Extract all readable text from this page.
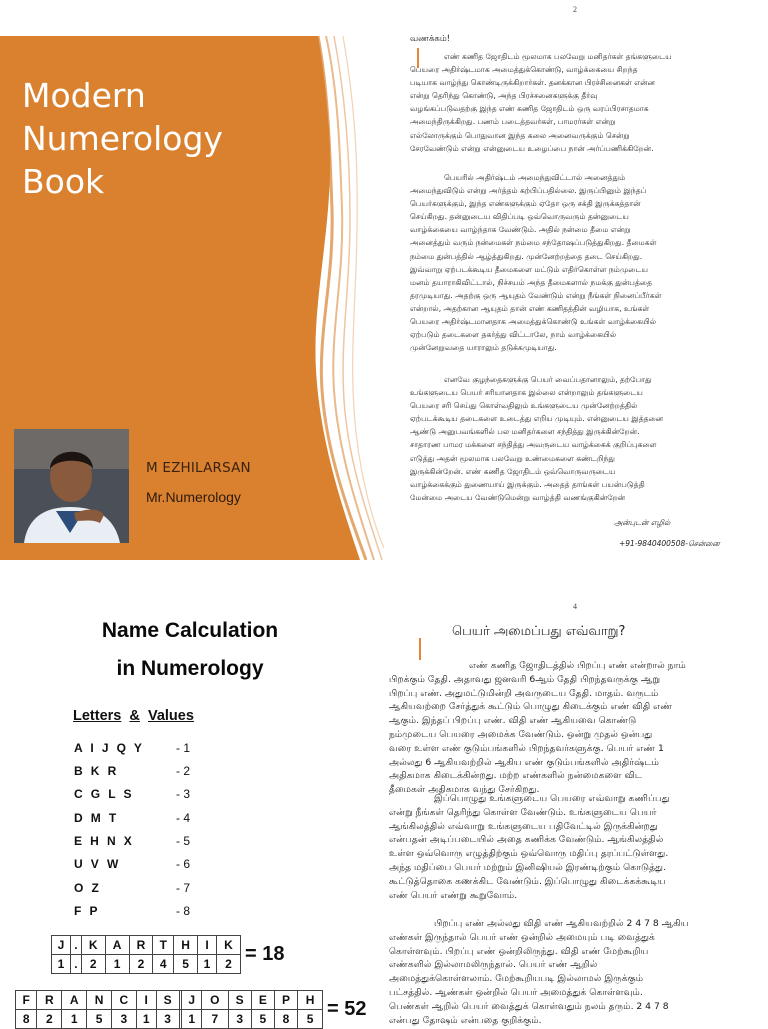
Modern
Numerology
Book
M EZHILARSAN
Mr.Numerology
2
வணக்கம்!
எண் கணித ஜோதிடம் மூலமாக பலவேறு மனிதர்கள் தங்களுடைய
பெயரை அதிர்ஷ்டமாக அமைத்துக்கொண்டு, வாழ்க்கையை சிறந்த
படியாக வாழ்ந்து கொண்டிருக்கிறார்கள். தனக்கான பிரச்சினைகள் என்ன
என்று தெரிந்து கொண்டு, அந்த பிரச்சனைகளுக்கு தீர்வு
வழங்கப்படுவதற்கு இந்த எண் கணித ஜோதிடம் ஒரு வரப்பிரசாதமாக
அமைந்திருக்கிறது. பணம் படைத்தவர்கள், பாமரர்கள் என்று
எல்லோருக்கும் பொதுவான இந்த கலை அனைவருக்கும் சென்று
சேரவேண்டும் என்று என்னுடைய உழைப்பை நான் அர்ப்பணிக்கிறேன்.
பெயரில் அதிர்ஷ்டம் அமைந்துவிட்டால் அனைத்தும்
அமைந்துவிடும் என்று அர்த்தம் கற்பிப்பதில்லை. இருப்பினும் இந்தப்
பெயர்களுக்கும், இந்த எண்களுக்கும் ஏதோ ஒரு சக்தி இருக்கத்தான்
செய்கிறது. தன்னுடைய விதிப்படி ஒவ்வொருவரும் தன்னுடைய
வாழ்க்கையை வாழ்ந்தாக வேண்டும். அதில் நன்மை தீமை என்று
அனைத்தும் வரும் நன்மைகள் நம்மை சந்தோஷப்படுத்துகிறது. தீமைகள்
நம்மை துன்பத்தில் ஆழ்த்துகிறது. முன்னேற்றத்தை தடை செய்கிறது.
இவ்வாறு ஏற்படக்கூடிய தீமைகளை மட்டும் எதிர்கொள்ள நம்முடைய
மனம் தயாராகிவிட்டால், நிச்சயம் அந்த தீமைகளால் நமக்கு துன்பத்தை
தரமுடியாது. அதற்கு ஒரு ஆயுதம் வேண்டும் என்று நீங்கள் நினைப்பீர்கள்
என்றால், அதற்கான ஆயுதம் தான் எண் கணிதத்தின் வழியாக, உங்கள்
பெயரை அதிர்ஷ்டமானதாக அமைத்துக்கொண்டு உங்கள் வாழ்க்கையில்
ஏற்படும் தடைகளை தகர்த்து விட்டாலே, நாம் வாழ்க்கையில்
முன்னேறுவதை யாராலும் தடுக்கமுடியாது.
எனவே குழந்தைகளுக்கு பெயர் வைப்பதானாலும், தற்போது
உங்களுடைய பெயர் சரியானதாக இல்லை என்றாலும் தங்களுடைய
பெயரை சரி செய்து கொள்வதிலும் உங்களுடைய முன்னேற்றத்தில்
ஏற்படக்கூடிய தடைகளை உடைத்து எறிய முடியும். என்னுடைய இத்தனை
ஆண்டு அனுபவங்களில் பல மனிதர்களை சந்தித்து இருக்கின்றேன்.
சாதாரண பாமர மக்களை சந்தித்து அவருடைய வாழ்க்கைக் குறிப்புகளை
எடுத்து அதன் மூலமாக பலவேறு உண்மைகளை கண்டறிந்து
இருக்கின்றேன். எண் கணித ஜோதிடம் ஒவ்வொருவருடைய
வாழ்க்கைக்கும் துணையாய் இருக்கும். அதைத் தாங்கள் பயன்படுத்தி
மேன்மை அடைய வேண்டுமென்று வாழ்த்தி வணங்குகின்றேன்
அன்புடன் எழில்
+91-9840400508-சென்னை
Name Calculation
in Numerology
Letters & Values
A I J Q Y	- 1
B K R	- 2
C G L S	- 3
D M T	- 4
E H N X	- 5
U V W	- 6
O Z	- 7
F P	- 8
J	.	K	A	R	T	H	I	K
1	.	2	1	2	4	5	1	2 = 18
F	R	A	N	C	I	S		J	O	S	E	P	H
8	2	1	5	3	1	3		1	7	3	5	8	5 = 52
4
பெயர் அமைப்பது எவ்வாறு?
எண் கணித ஜோதிடத்தில் பிறப்பு எண் என்றால் நாம்
பிறக்கும் தேதி. அதாவது ஜனவரி 6ஆம் தேதி பிறந்தவருக்கு ஆறு
பிறப்பு எண். அதுமட்டுமின்றி அவருடைய தேதி. மாதம். வருடம்
ஆகியவற்றை சேர்த்துக் கூட்டும் பொழுது கிடைக்கும் எண் விதி எண்
ஆகும். இந்தப் பிறப்பு எண். விதி எண் ஆகியவை கொண்டு
நம்முடைய பெயரை அமைக்க வேண்டும். ஒன்று முதல் ஒன்பது
வரை உள்ள எண் குடும்பங்களில் பிறந்தவர்களுக்கு. பெயர் எண் 1
அல்லது 6 ஆகியவற்றில் ஆகிய எண் குடும்பங்களில் அதிர்ஷ்டம்
அதிகமாக கிடைக்கின்றது. மற்ற எண்களில் நன்மைகளை விட
தீமைகள் அதிகமாக வந்து சேர்கிறது.
இப்பொழுது உங்களுடைய பெயரை எவ்வாறு கணிப்பது
என்று நீங்கள் தெரிந்து கொள்ள வேண்டும். உங்களுடைய பெயர்
ஆங்கிலத்தில் எவ்வாறு உங்களுடைய பதிவேட்டில் இருக்கின்றது
என்பதன் அடிப்படையில் அதை கணிக்க வேண்டும். ஆங்கிலத்தில்
உள்ள ஒவ்வொரு எழுத்திற்கும் ஒவ்வொரு மதிப்பு தரப்பட்டுள்ளது.
அந்த மதிப்பை பெயர் மற்றும் இனிஷியல் இரண்டிற்கும் கொடுத்து.
கூட்டுத்தொகை கணக்கிட வேண்டும். இப்பொழுது கிடைக்கக்கூடிய
எண் பெயர் எண்று கூறுவோம்.
பிறப்பு எண் அல்லது விதி எண் ஆகியவற்றில் 2 4 7 8 ஆகிய
எண்கள் இருந்தால் பெயர் எண் ஒன்றில் அமையும் படி வைத்துக்
கொள்ளவும். பிறப்பு எண் ஒன்றிலிருந்து. விதி எண் மேற்கூறிய
எண்களில் இல்லாமலிருந்தால். பெயர் எண் ஆறில்
அமைத்துக்கொள்ளலாம். மேற்கூறியபடி இல்லாமல் இருக்கும்
பட்சத்தில். ஆண்கள் ஒன்றில் பெயர் அமைத்துக் கொள்ளவும்.
பெண்கள் ஆறில் பெயர் வைத்துக் கொள்வதும் நலம் தரும். 2 4 7 8
என்பது தோஷம் என்பதை குறிக்கும்.
